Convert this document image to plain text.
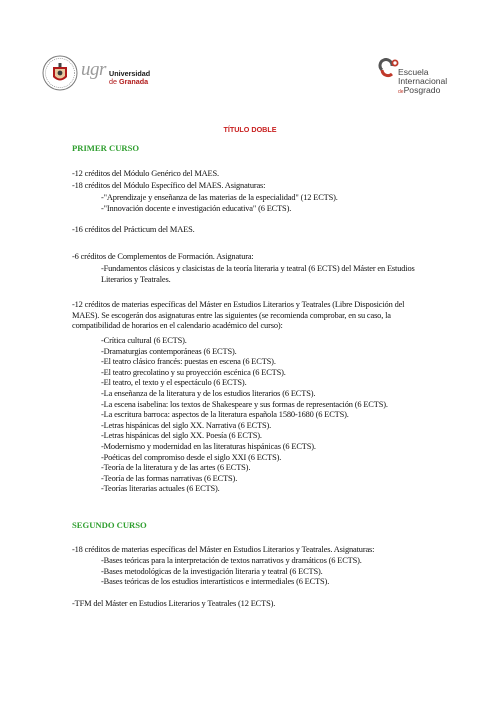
ugr Universidad
de Granada
Escuela
Internacional
dePosgrado
TÍTULO DOBLE
PRIMER CURSO
-12 créditos del Módulo Genérico del MAES.
-18 créditos del Módulo Específico del MAES. Asignaturas:
-"Aprendizaje y enseñanza de las materias de la especialidad" (12 ECTS).
-"Innovación docente e investigación educativa" (6 ECTS).
-16 créditos del Prácticum del MAES.
-6 créditos de Complementos de Formación. Asignatura:
-Fundamentos clásicos y clasicistas de la teoría literaria y teatral (6 ECTS) del Máster en Estudios Literarios y Teatrales.
-12 créditos de materias específicas del Máster en Estudios Literarios y Teatrales (Libre Disposición del MAES). Se escogerán dos asignaturas entre las siguientes (se recomienda comprobar, en su caso, la compatibilidad de horarios en el calendario académico del curso):
-Crítica cultural (6 ECTS).
-Dramaturgias contemporáneas (6 ECTS).
-El teatro clásico francés: puestas en escena (6 ECTS).
-El teatro grecolatino y su proyección escénica (6 ECTS).
-El teatro, el texto y el espectáculo (6 ECTS).
-La enseñanza de la literatura y de los estudios literarios (6 ECTS).
-La escena isabelina: los textos de Shakespeare y sus formas de representación (6 ECTS).
-La escritura barroca: aspectos de la literatura española 1580-1680 (6 ECTS).
-Letras hispánicas del siglo XX. Narrativa (6 ECTS).
-Letras hispánicas del siglo XX. Poesía (6 ECTS).
-Modernismo y modernidad en las literaturas hispánicas (6 ECTS).
-Poéticas del compromiso desde el siglo XXI (6 ECTS).
-Teoría de la literatura y de las artes (6 ECTS).
-Teoría de las formas narrativas (6 ECTS).
-Teorías literarias actuales (6 ECTS).
SEGUNDO CURSO
-18 créditos de materias específicas del Máster en Estudios Literarios y Teatrales. Asignaturas:
-Bases teóricas para la interpretación de textos narrativos y dramáticos (6 ECTS).
-Bases metodológicas de la investigación literaria y teatral (6 ECTS).
-Bases teóricas de los estudios interartísticos e intermediales (6 ECTS).
-TFM del Máster en Estudios Literarios y Teatrales (12 ECTS).
